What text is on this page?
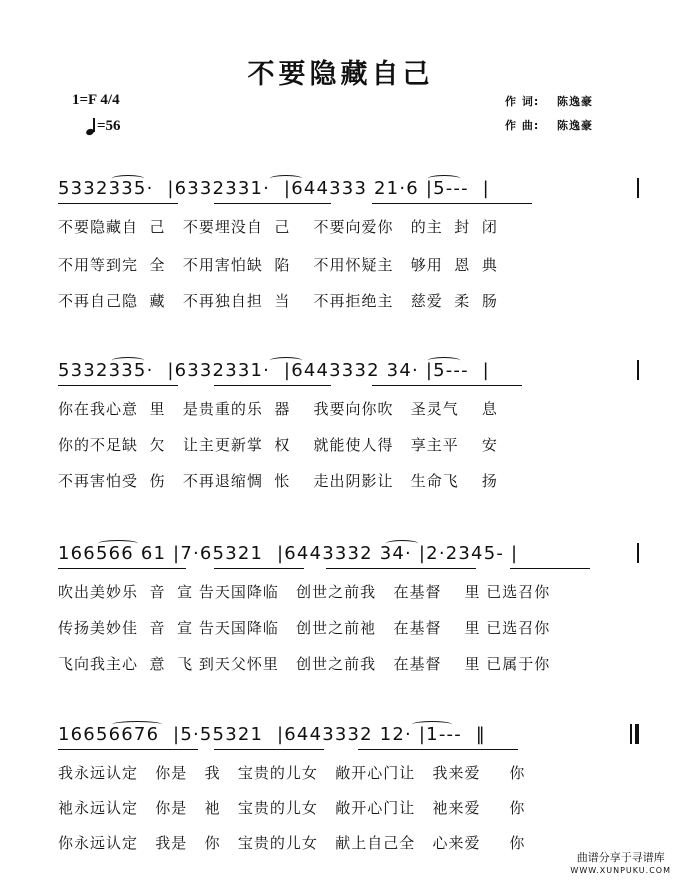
不要隐藏自己
1=F 4/4
=56
作 词: 陈逸豪
作 曲: 陈逸豪
5332335·  |6332331·  |644333 21·6 |5---  |
不要隐藏自  己   不要埋没自  己    不要向爱你   的主  封  闭
不用等到完  全   不用害怕缺  陷    不用怀疑主   够用  恩  典
不再自己隐  藏   不再独自担  当    不再拒绝主   慈爱  柔  肠
5332335·  |6332331·  |6443332 34· |5---  |
你在我心意  里   是贵重的乐  器    我要向你吹   圣灵气    息
你的不足缺  欠   让主更新掌  权    就能使人得   享主平    安
不再害怕受  伤   不再退缩惆  怅    走出阴影让   生命飞    扬
166566 61 |7·65321  |6443332 34· |2·2345- |
吹出美妙乐  音  宣 告天国降临   创世之前我   在基督    里 已选召你
传扬美妙佳  音  宣 告天国降临   创世之前祂   在基督    里 已选召你
飞向我主心  意  飞 到天父怀里   创世之前我   在基督    里 已属于你
16656676  |5·55321  |6443332 12· |1---  ‖
我永远认定   你是   我   宝贵的儿女   敞开心门让   我来爱     你
祂永远认定   你是   祂   宝贵的儿女   敞开心门让   祂来爱     你
你永远认定   我是   你   宝贵的儿女   献上自己全   心来爱     你
曲谱分享于寻谱库
WWW.XUNPUKU.COM
